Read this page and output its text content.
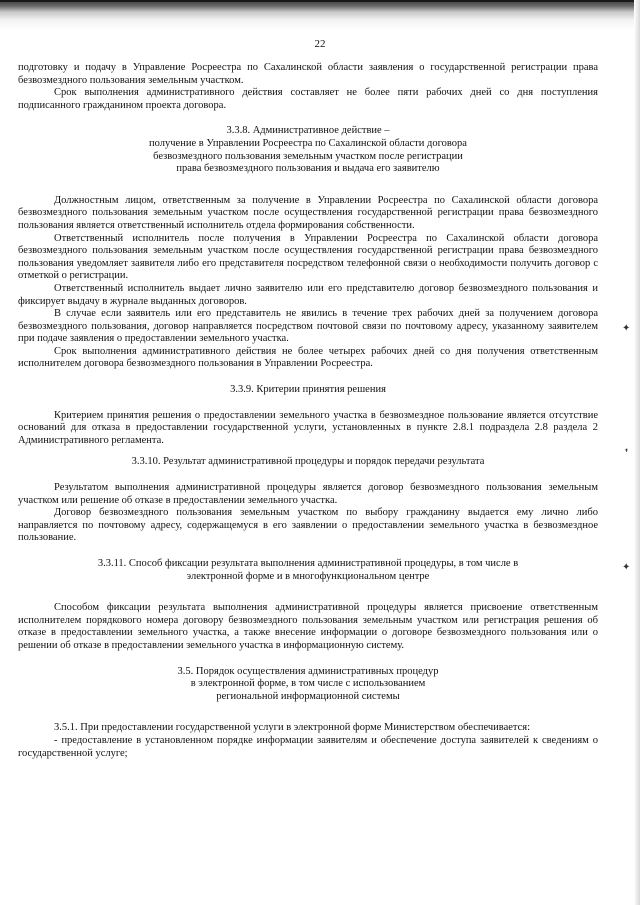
22

подготовку и подачу в Управление Росреестра по Сахалинской области заявления о государственной регистрации права безвозмездного пользования земельным участком.

Срок выполнения административного действия составляет не более пяти рабочих дней со дня поступления подписанного гражданином проекта договора.

3.3.8. Административное действие –

получение в Управлении Росреестра по Сахалинской области договора

безвозмездного пользования земельным участком после регистрации

права безвозмездного пользования и выдача его заявителю

Должностным лицом, ответственным за получение в Управлении Росреестра по Сахалинской области договора безвозмездного пользования земельным участком после осуществления государственной регистрации права безвозмездного пользования является ответственный исполнитель отдела формирования собственности.

Ответственный исполнитель после получения в Управлении Росреестра по Сахалинской области договора безвозмездного пользования земельным участком после осуществления государственной регистрации права безвозмездного пользования уведомляет заявителя либо его представителя посредством телефонной связи о необходимости получить договор с отметкой о регистрации.

Ответственный исполнитель выдает лично заявителю или его представителю договор безвозмездного пользования и фиксирует выдачу в журнале выданных договоров.

В случае если заявитель или его представитель не явились в течение трех рабочих дней за получением договора безвозмездного пользования, договор направляется посредством почтовой связи по почтовому адресу, указанному заявителем при подаче заявления о предоставлении земельного участка.

Срок выполнения административного действия не более четырех рабочих дней со дня получения ответственным исполнителем договора безвозмездного пользования в Управлении Росреестра.

3.3.9. Критерии принятия решения

Критерием принятия решения о предоставлении земельного участка в безвозмездное пользование является отсутствие оснований для отказа в предоставлении государственной услуги, установленных в пункте 2.8.1 подраздела 2.8 раздела 2 Административного регламента.

3.3.10. Результат административной процедуры и порядок передачи результата

Результатом выполнения административной процедуры является договор безвозмездного пользования земельным участком или решение об отказе в предоставлении земельного участка.

Договор безвозмездного пользования земельным участком по выбору гражданину выдается ему лично либо направляется по почтовому адресу, содержащемуся в его заявлении о предоставлении земельного участка в безвозмездное пользование.

3.3.11. Способ фиксации результата выполнения административной процедуры, в том числе в

электронной форме и в многофункциональном центре

Способом фиксации результата выполнения административной процедуры является присвоение ответственным исполнителем порядкового номера договору безвозмездного пользования земельным участком или регистрация решения об отказе в предоставлении земельного участка, а также внесение информации о договоре безвозмездного пользования или о решении об отказе в предоставлении земельного участка в информационную систему.

3.5. Порядок осуществления административных процедур

в электронной форме, в том числе с использованием

региональной информационной системы

3.5.1. При предоставлении государственной услуги в электронной форме Министерством обеспечивается:

- предоставление в установленном порядке информации заявителям и обеспечение доступа заявителей к сведениям о государственной услуге;

✦
❜
✦
